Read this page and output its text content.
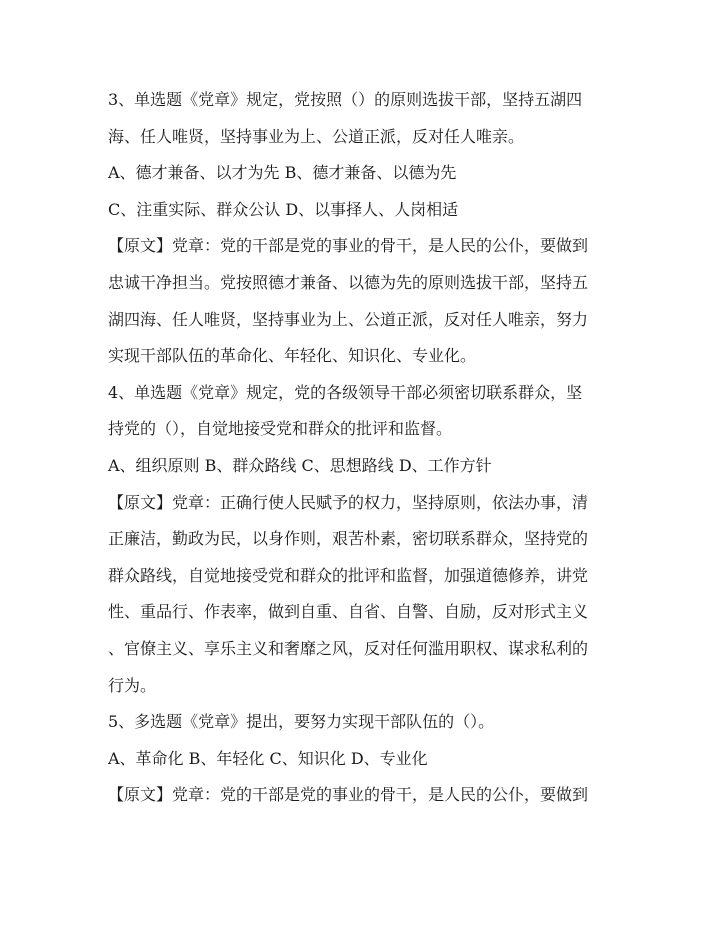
3、单选题《党章》规定，党按照（）的原则选拔干部，坚持五湖四
海、任人唯贤，坚持事业为上、公道正派，反对任人唯亲。
A、德才兼备、以才为先 B、德才兼备、以德为先
C、注重实际、群众公认 D、以事择人、人岗相适
【原文】党章：党的干部是党的事业的骨干，是人民的公仆，要做到
忠诚干净担当。党按照德才兼备、以德为先的原则选拔干部，坚持五
湖四海、任人唯贤，坚持事业为上、公道正派，反对任人唯亲，努力
实现干部队伍的革命化、年轻化、知识化、专业化。
4、单选题《党章》规定，党的各级领导干部必须密切联系群众，坚
持党的（），自觉地接受党和群众的批评和监督。
A、组织原则 B、群众路线 C、思想路线 D、工作方针
【原文】党章：正确行使人民赋予的权力，坚持原则，依法办事，清
正廉洁，勤政为民，以身作则，艰苦朴素，密切联系群众，坚持党的
群众路线，自觉地接受党和群众的批评和监督，加强道德修养，讲党
性、重品行、作表率，做到自重、自省、自警、自励，反对形式主义
、官僚主义、享乐主义和奢靡之风，反对任何滥用职权、谋求私利的
行为。
5、多选题《党章》提出，要努力实现干部队伍的（）。
A、革命化 B、年轻化 C、知识化 D、专业化
【原文】党章：党的干部是党的事业的骨干，是人民的公仆，要做到
